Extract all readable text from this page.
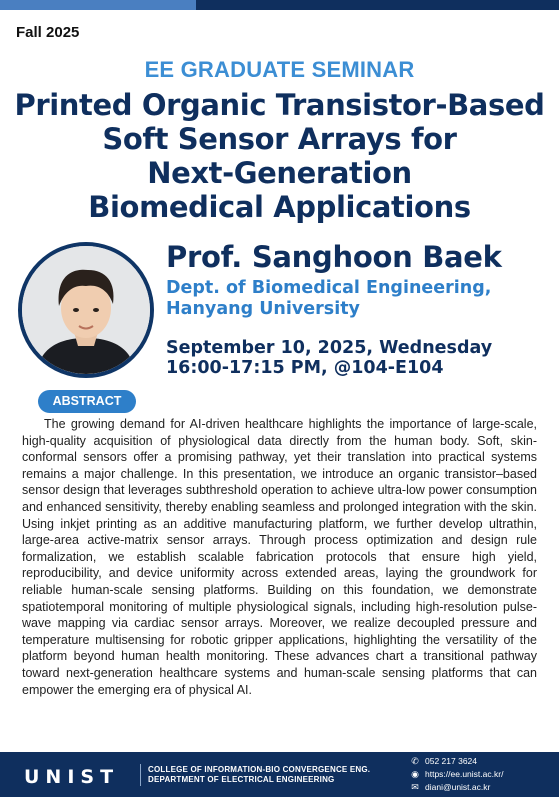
Fall 2025
EE GRADUATE SEMINAR
Printed Organic Transistor-Based
Soft Sensor Arrays for
Next-Generation
Biomedical Applications
Prof. Sanghoon Baek
Dept. of Biomedical Engineering,
Hanyang University
September 10, 2025, Wednesday
16:00-17:15 PM, @104-E104
ABSTRACT

The growing demand for AI-driven healthcare highlights the importance of large-scale, high-quality acquisition of physiological data directly from the human body. Soft, skin-conformal sensors offer a promising pathway, yet their translation into practical systems remains a major challenge. In this presentation, we introduce an organic transistor–based sensor design that leverages subthreshold operation to achieve ultra-low power consumption and enhanced sensitivity, thereby enabling seamless and prolonged integration with the skin. Using inkjet printing as an additive manufacturing platform, we further develop ultrathin, large-area active-matrix sensor arrays. Through process optimization and design rule formalization, we establish scalable fabrication protocols that ensure high yield, reproducibility, and device uniformity across extended areas, laying the groundwork for reliable human-scale sensing platforms. Building on this foundation, we demonstrate spatiotemporal monitoring of multiple physiological signals, including high-resolution pulse-wave mapping via cardiac sensor arrays. Moreover, we realize decoupled pressure and temperature multisensing for robotic gripper applications, highlighting the versatility of the platform beyond human health monitoring. These advances chart a transitional pathway toward next-generation healthcare systems and human-scale sensing platforms that can empower the emerging era of physical AI.

UNIST	COLLEGE OF INFORMATION-BIO CONVERGENCE ENG.
DEPARTMENT OF ELECTRICAL ENGINEERING
✆ 052 217 3624
◉ https://ee.unist.ac.kr/
✉ diani@unist.ac.kr
